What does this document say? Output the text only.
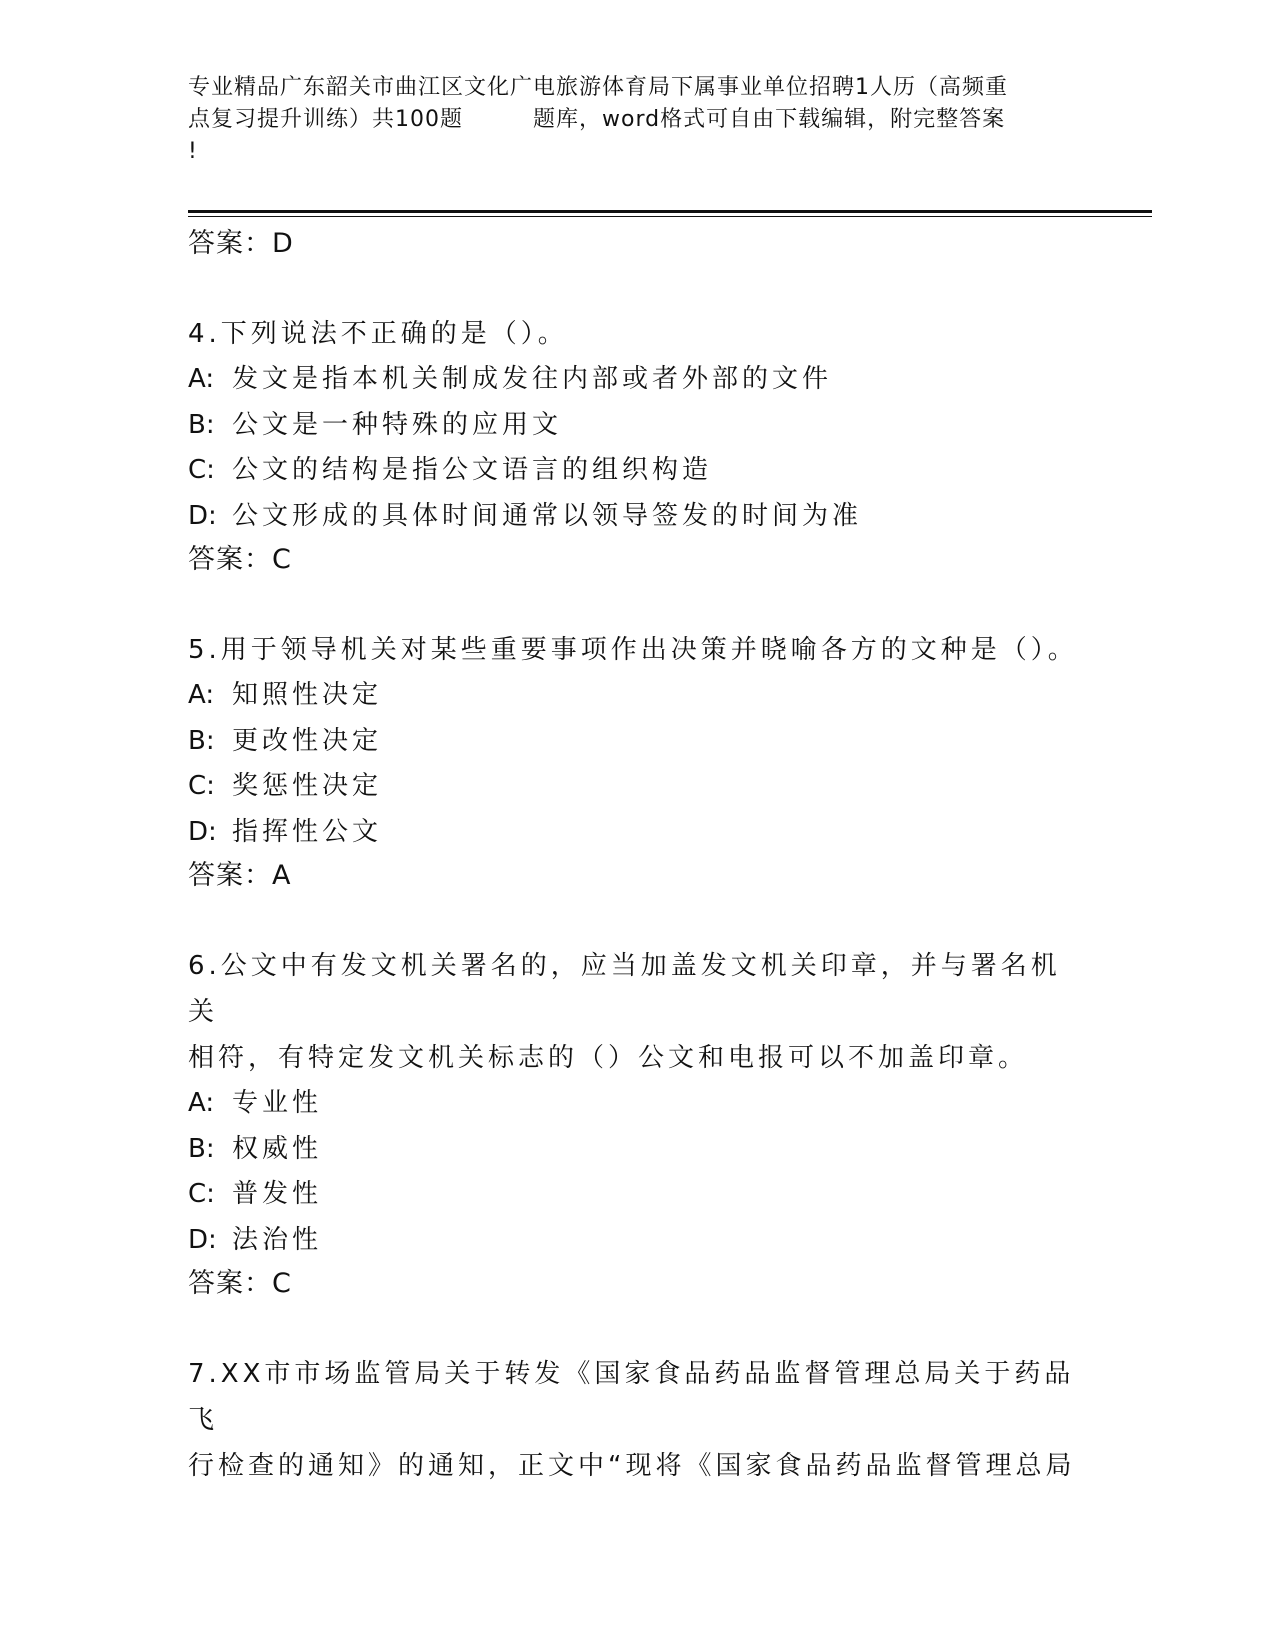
专业精品广东韶关市曲江区文化广电旅游体育局下属事业单位招聘1人历（高频重
点复习提升训练）共100题	题库，word格式可自由下载编辑，附完整答案
!
答案：D
4.下列说法不正确的是（）。
A: 发文是指本机关制成发往内部或者外部的文件
B: 公文是一种特殊的应用文
C: 公文的结构是指公文语言的组织构造
D: 公文形成的具体时间通常以领导签发的时间为准
答案：C
5.用于领导机关对某些重要事项作出决策并晓喻各方的文种是（）。
A: 知照性决定
B: 更改性决定
C: 奖惩性决定
D: 指挥性公文
答案：A
6.公文中有发文机关署名的，应当加盖发文机关印章，并与署名机关
相符，有特定发文机关标志的（）公文和电报可以不加盖印章。
A: 专业性
B: 权威性
C: 普发性
D: 法治性
答案：C
7.XX市市场监管局关于转发《国家食品药品监督管理总局关于药品飞
行检查的通知》的通知，正文中“现将《国家食品药品监督管理总局
